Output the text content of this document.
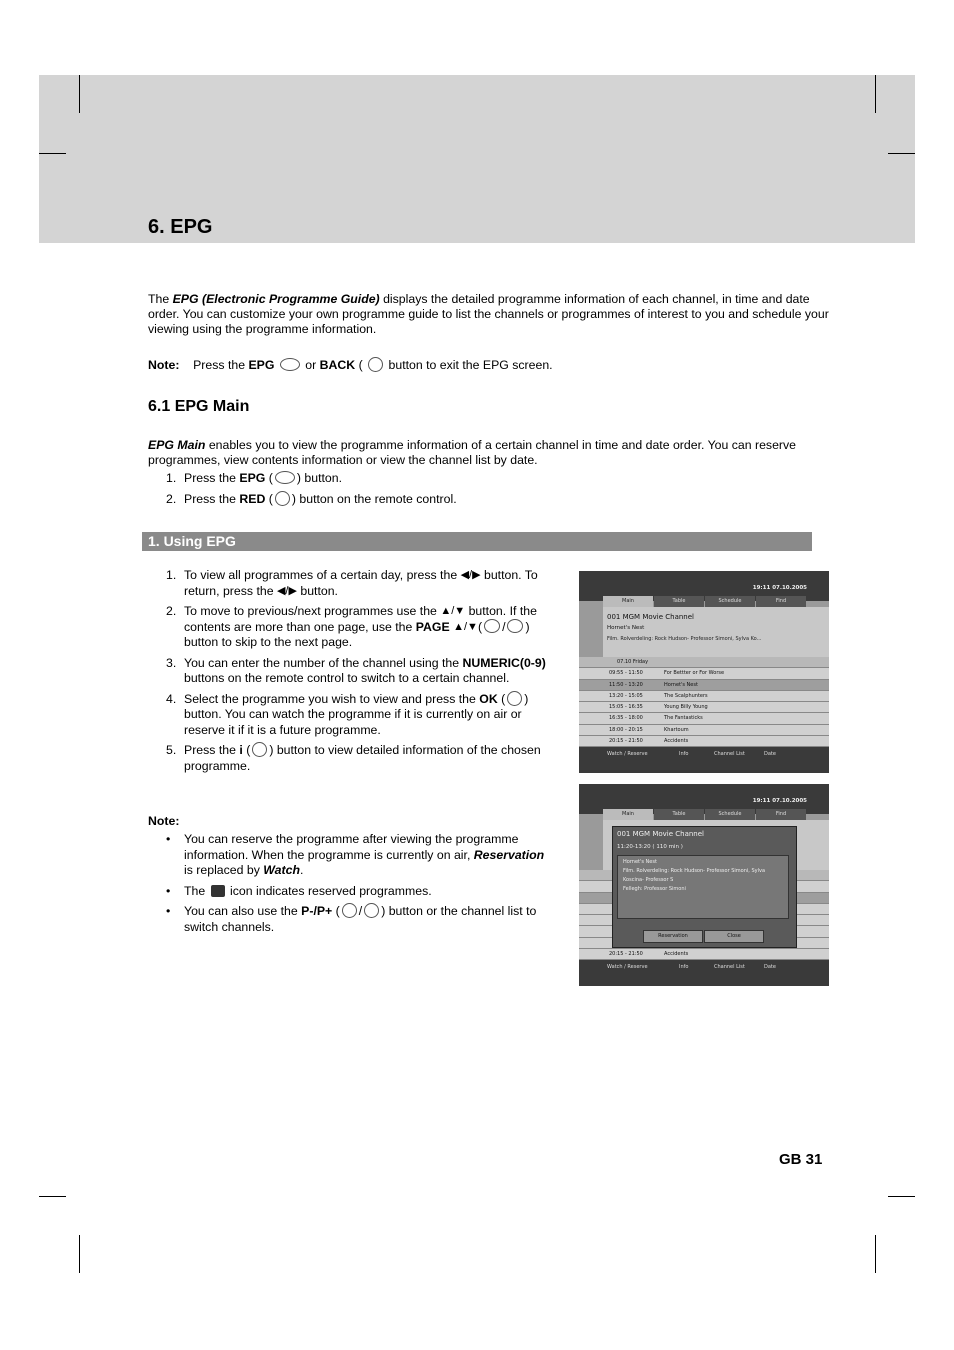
6. EPG

The EPG (Electronic Programme Guide) displays the detailed programme information of each channel, in time and date order. You can customize your own programme guide to list the channels or programmes of interest to you and schedule your viewing using the programme information.

Note: Press the EPG  or BACK (  button to exit the EPG screen.

6.1 EPG Main

EPG Main enables you to view the programme information of a certain channel in time and date order. You can reserve programmes, view contents information or view the channel list by date.

1. Press the EPG ( ) button.
2. Press the RED ( ) button on the remote control.
1. Using EPG
1. To view all programmes of a certain day, press the ◀/▶ button. To return, press the ◀/▶ button.
2. To move to previous/next programmes use the ▲/▼ button. If the contents are more than one page, use the PAGE ▲/▼( / ) button to skip to the next page.
3. You can enter the number of the channel using the NUMERIC(0-9) buttons on the remote control to switch to a certain channel.
4. Select the programme you wish to view and press the OK ( ) button. You can watch the programme if it is currently on air or reserve it if it is a future programme.
5. Press the i ( ) button to view detailed information of the chosen programme.
Note:
• You can reserve the programme after viewing the programme information. When the programme is currently on air, Reservation is replaced by Watch.
• The  icon indicates reserved programmes.
• You can also use the P-/P+ ( / ) button or the channel list to switch channels.
19:11 07.10.2005
Main	Table	Schedule	Find
001 MGM Movie Channel
Hornet's Nest
Film. Rolverdeling: Rock Hudson- Professor Simoni, Sylva Ko...
07.10 Friday
09:55 - 11:50	For Bettter or For Worse
11:50 - 13:20	Hornet's Nest
13:20 - 15:05	The Scalphunters
15:05 - 16:35	Young Billy Young
16:35 - 18:00	The Fantasticks
18:00 - 20:15	Khartoum
20:15 - 21:50	Accidents
Watch / Reserve	Info	Channel List	Date
19:11 07.10.2005
Main	Table	Schedule	Find
20:15 - 21:50	Accidents
001 MGM Movie Channel
11:20-13:20 ( 110 min )
Hornet's Nest
Film. Rolverdeling: Rock Hudson- Professor Simoni, Sylva
Koscina- Professor S
Fellegh: Professor Simoni
Reservation	Close
Watch / Reserve	Info	Channel List	Date
GB 31
